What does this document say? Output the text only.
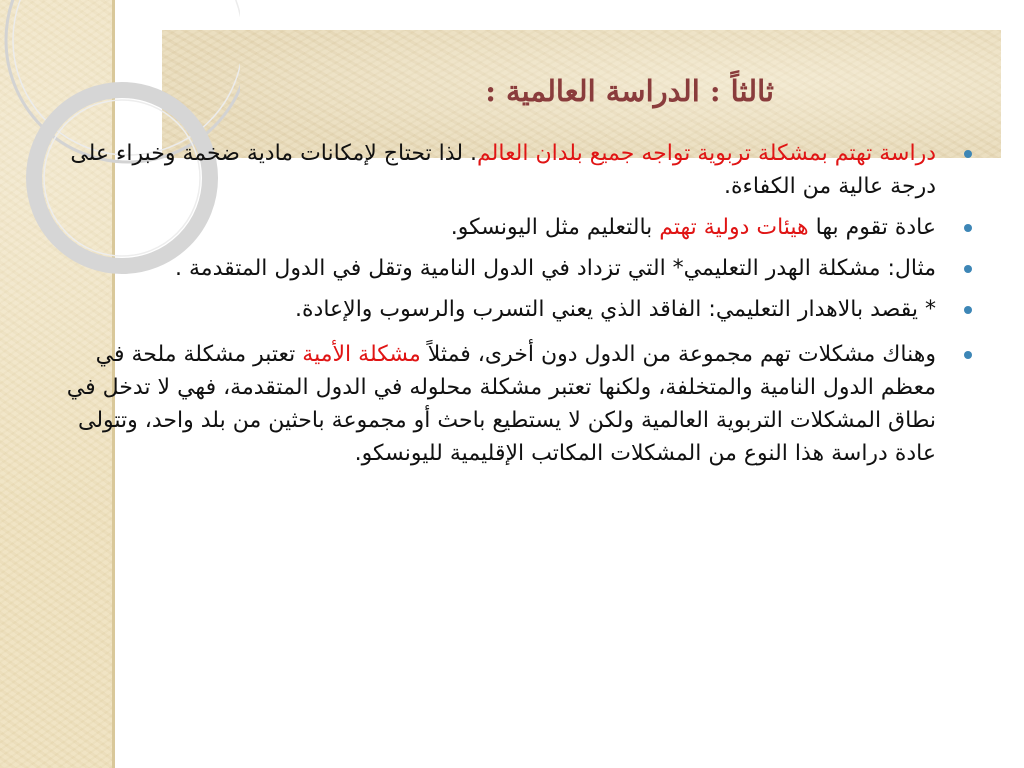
ثالثاً : الدراسة العالمية :
دراسة تهتم بمشكلة تربوية تواجه جميع بلدان العالم. لذا تحتاج لإمكانات مادية ضخمة وخبراء على درجة عالية من الكفاءة.
عادة تقوم بها هيئات دولية تهتم بالتعليم مثل اليونسكو.
مثال: مشكلة الهدر التعليمي* التي تزداد في الدول النامية وتقل في الدول المتقدمة .
* يقصد بالاهدار التعليمي: الفاقد الذي يعني التسرب والرسوب والإعادة.
وهناك مشكلات تهم مجموعة من الدول دون أخرى، فمثلاً مشكلة الأمية تعتبر مشكلة ملحة في معظم الدول النامية والمتخلفة، ولكنها تعتبر مشكلة محلوله في الدول المتقدمة، فهي لا تدخل في نطاق المشكلات التربوية العالمية ولكن لا يستطيع باحث أو مجموعة باحثين من بلد واحد، وتتولى عادة دراسة هذا النوع من المشكلات المكاتب الإقليمية لليونسكو.
